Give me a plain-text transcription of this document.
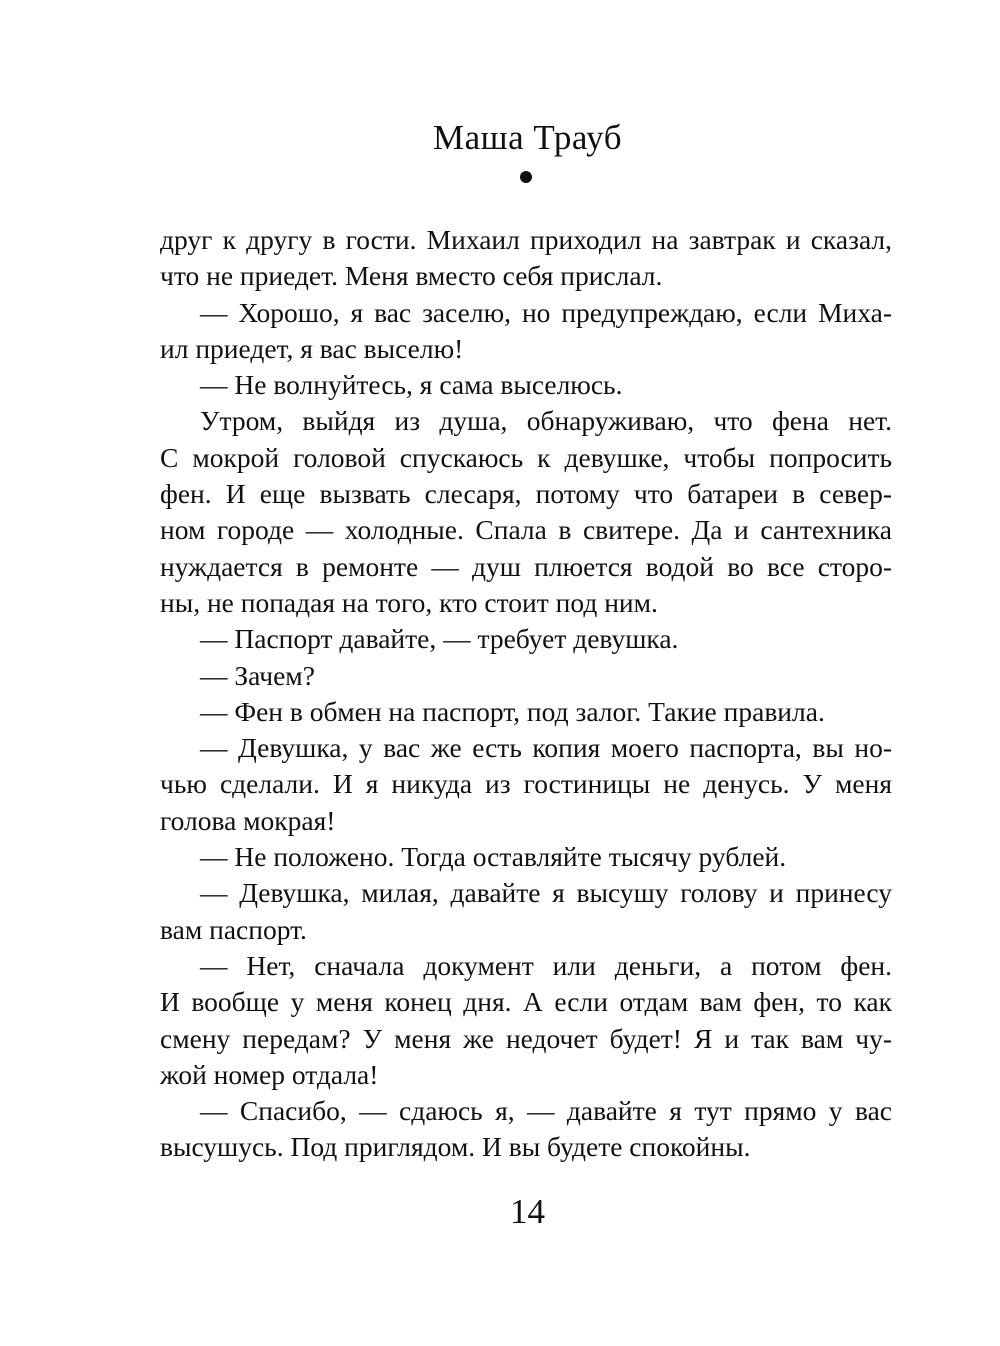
Маша Трауб
друг к другу в гости. Михаил приходил на завтрак и сказал,
что не приедет. Меня вместо себя прислал.
— Хорошо, я вас заселю, но предупреждаю, если Миха-
ил приедет, я вас выселю!
— Не волнуйтесь, я сама выселюсь.
Утром, выйдя из душа, обнаруживаю, что фена нет.
С мокрой головой спускаюсь к девушке, чтобы попросить
фен. И еще вызвать слесаря, потому что батареи в север-
ном городе — холодные. Спала в свитере. Да и сантехника
нуждается в ремонте — душ плюется водой во все сторо-
ны, не попадая на того, кто стоит под ним.
— Паспорт давайте, — требует девушка.
— Зачем?
— Фен в обмен на паспорт, под залог. Такие правила.
— Девушка, у вас же есть копия моего паспорта, вы но-
чью сделали. И я никуда из гостиницы не денусь. У меня
голова мокрая!
— Не положено. Тогда оставляйте тысячу рублей.
— Девушка, милая, давайте я высушу голову и принесу
вам паспорт.
— Нет, сначала документ или деньги, а потом фен.
И вообще у меня конец дня. А если отдам вам фен, то как
смену передам? У меня же недочет будет! Я и так вам чу-
жой номер отдала!
— Спасибо, — сдаюсь я, — давайте я тут прямо у вас
высушусь. Под приглядом. И вы будете спокойны.
14
